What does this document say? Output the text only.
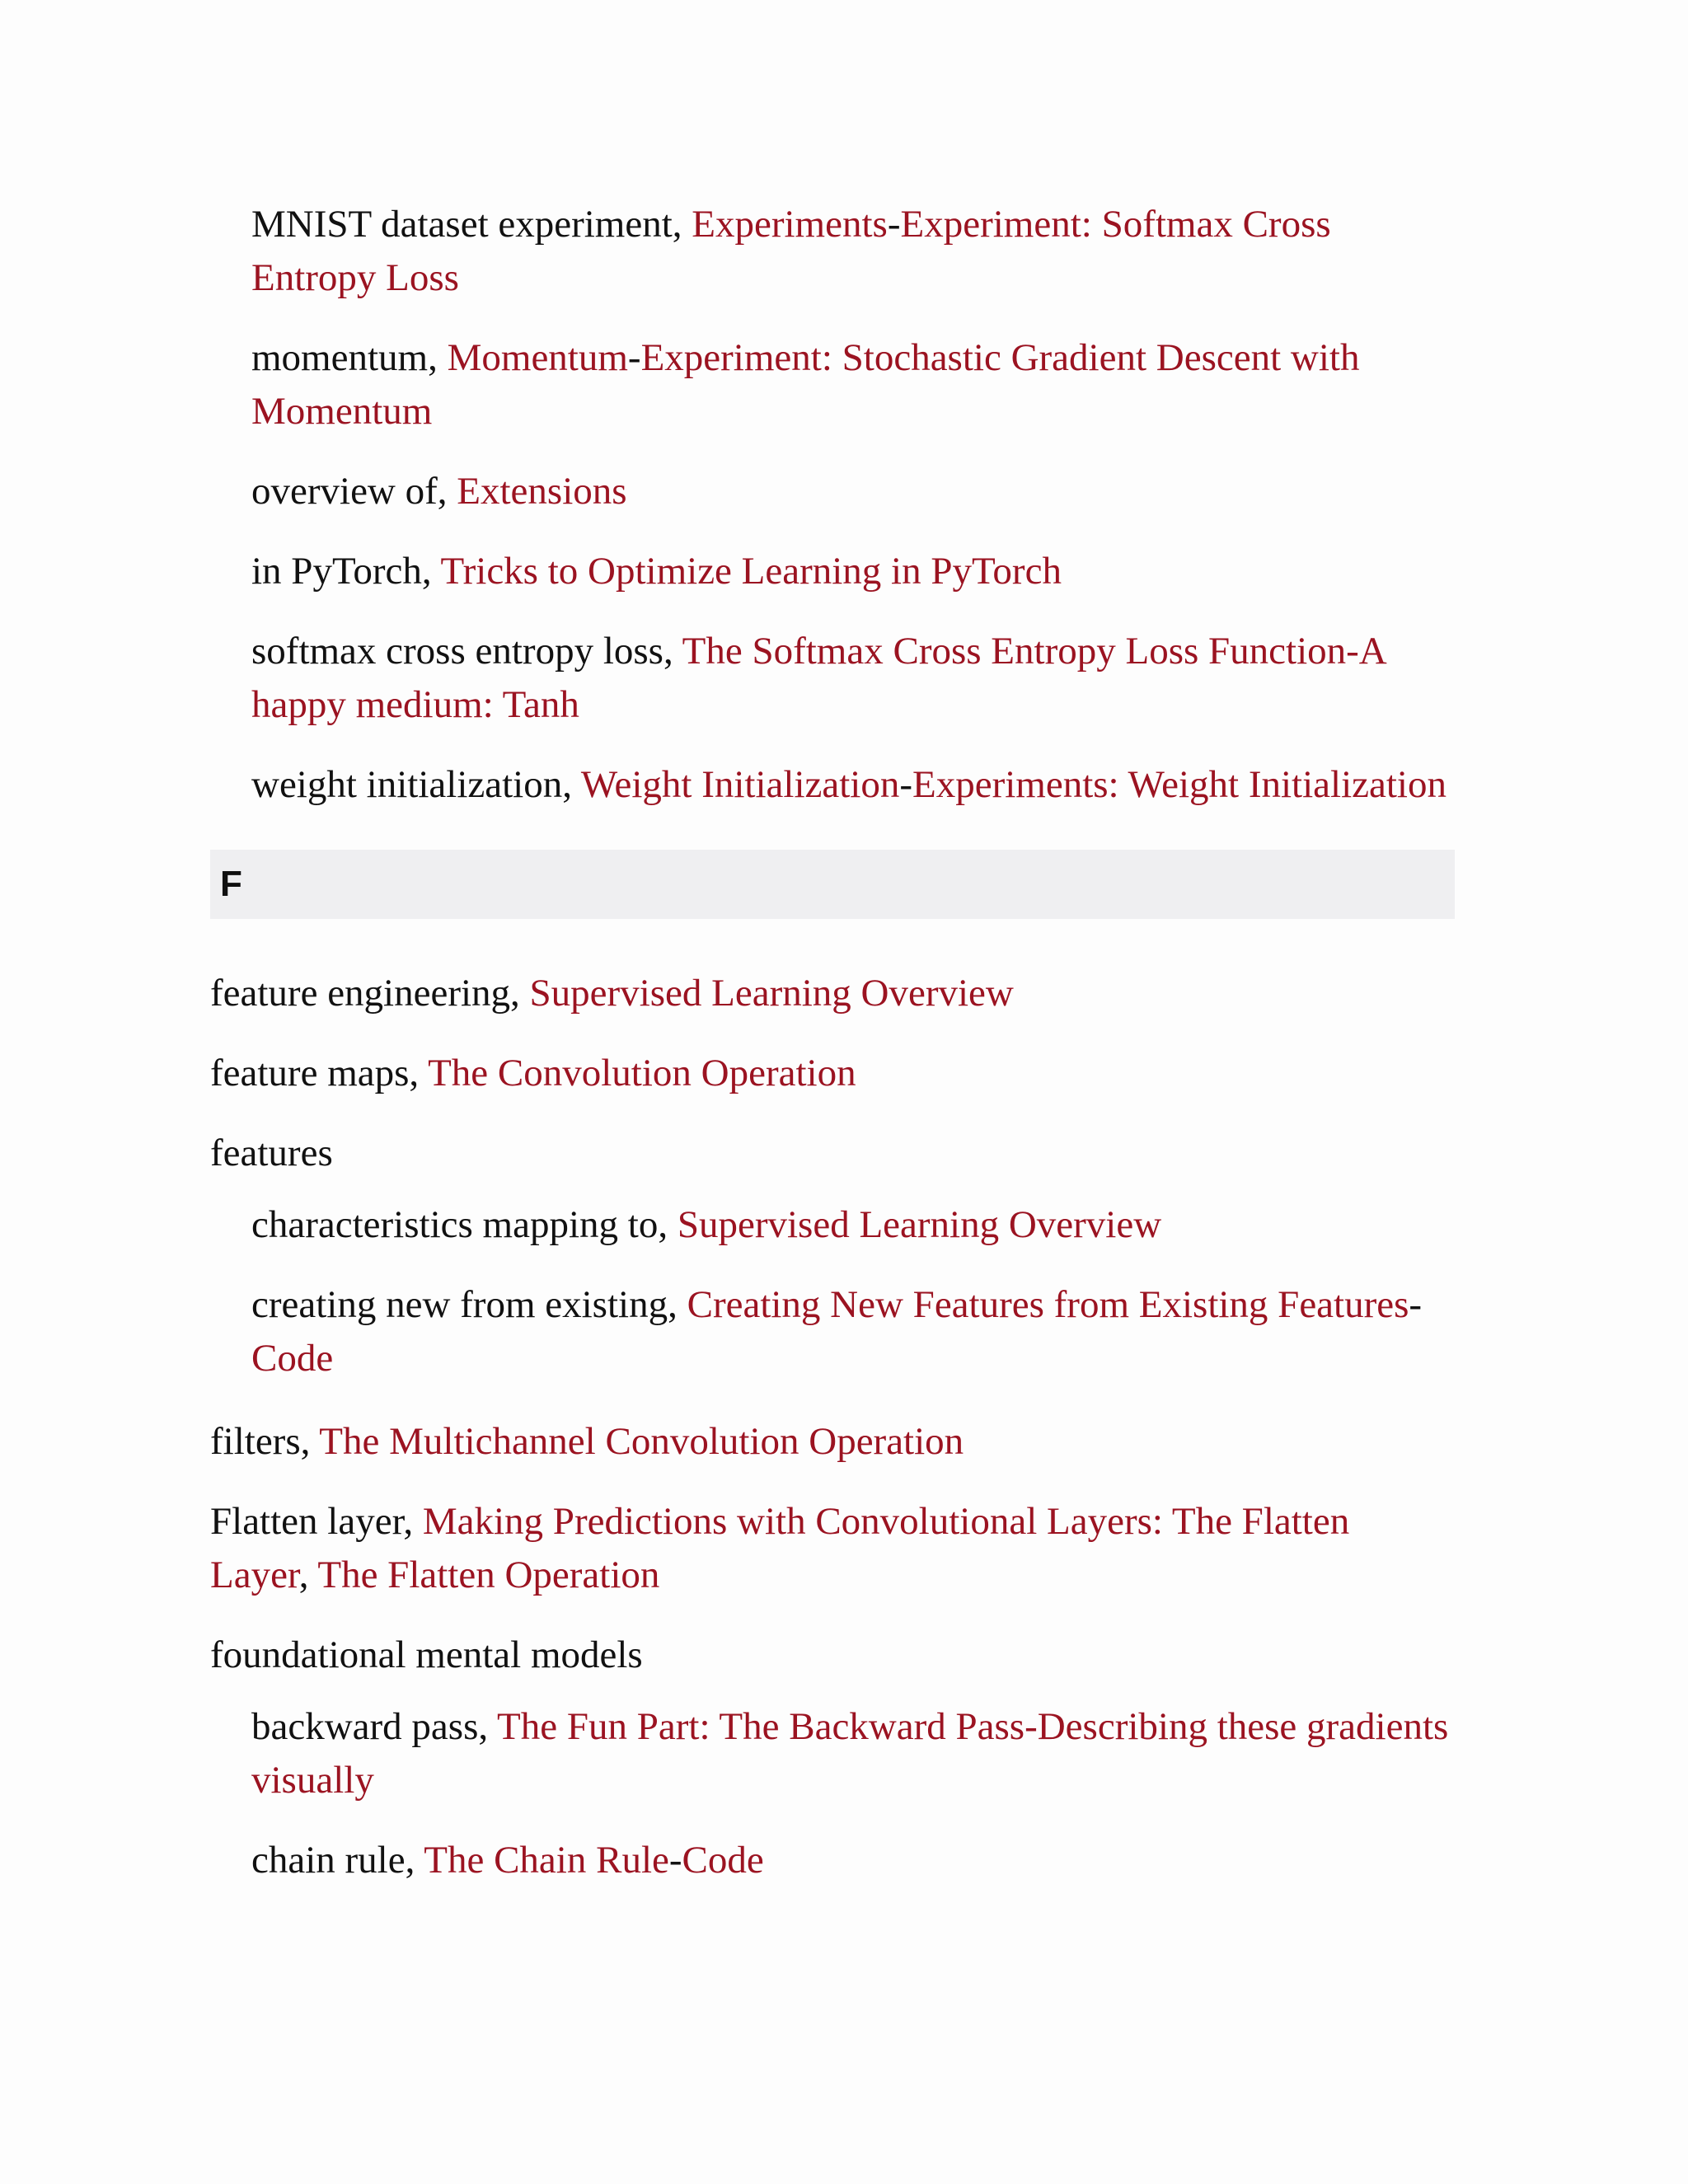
MNIST dataset experiment, Experiments-Experiment: Softmax Cross Entropy Loss

momentum, Momentum-Experiment: Stochastic Gradient Descent with Momentum

overview of, Extensions

in PyTorch, Tricks to Optimize Learning in PyTorch

softmax cross entropy loss, The Softmax Cross Entropy Loss Function-A happy medium: Tanh

weight initialization, Weight Initialization-Experiments: Weight Initialization

F

feature engineering, Supervised Learning Overview

feature maps, The Convolution Operation

features

characteristics mapping to, Supervised Learning Overview

creating new from existing, Creating New Features from Existing Features-Code

filters, The Multichannel Convolution Operation

Flatten layer, Making Predictions with Convolutional Layers: The Flatten Layer, The Flatten Operation

foundational mental models

backward pass, The Fun Part: The Backward Pass-Describing these gradients visually

chain rule, The Chain Rule-Code
